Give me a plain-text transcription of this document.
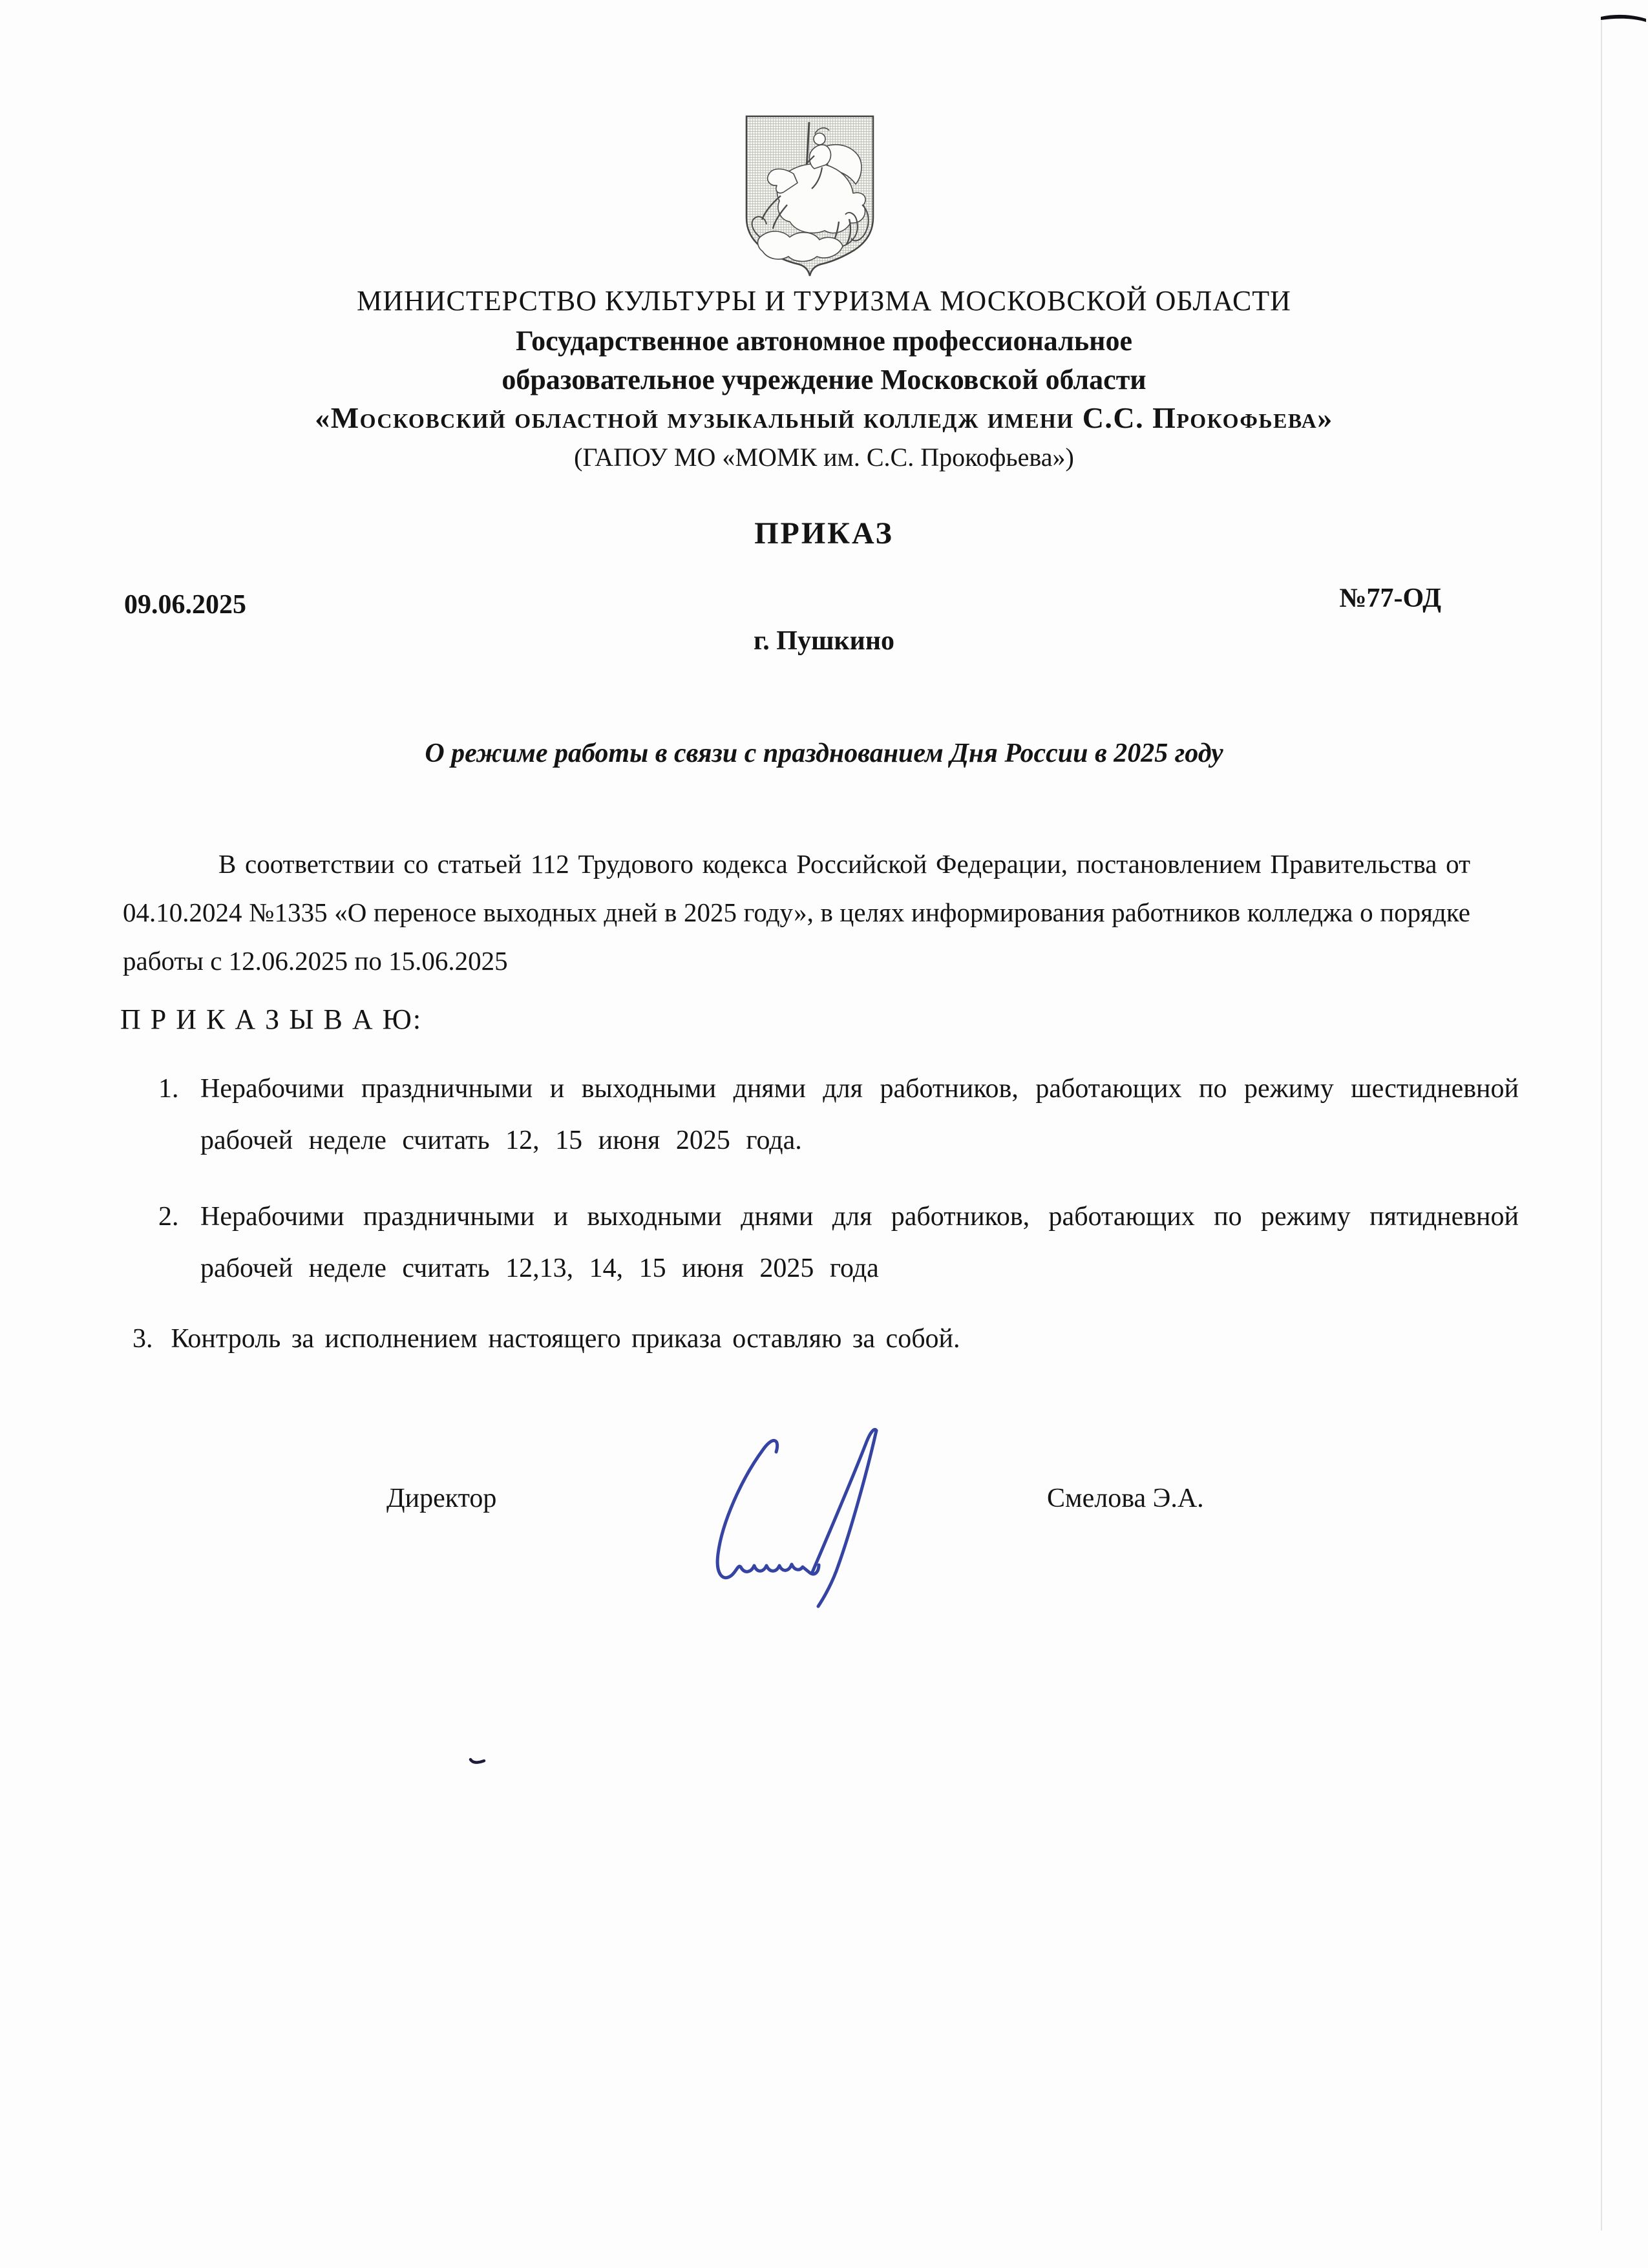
МИНИСТЕРСТВО КУЛЬТУРЫ И ТУРИЗМА МОСКОВСКОЙ ОБЛАСТИ
Государственное автономное профессиональное
образовательное учреждение Московской области
«Московский областной музыкальный колледж имени С.С. Прокофьева»
(ГАПОУ МО «МОМК им. С.С. Прокофьева»)
ПРИКАЗ
09.06.2025	№77-ОД
г. Пушкино
О режиме работы в связи с празднованием Дня России в 2025 году
В соответствии со статьей 112 Трудового кодекса Российской Федерации, постановлением Правительства от 04.10.2024 №1335 «О переносе выходных дней в 2025 году», в целях информирования работников колледжа о порядке работы с 12.06.2025 по 15.06.2025
П Р И К А З Ы В А Ю:
1. Нерабочими праздничными и выходными днями для работников, работающих по режиму шестидневной рабочей неделе считать 12, 15 июня 2025 года.
2. Нерабочими праздничными и выходными днями для работников, работающих по режиму пятидневной рабочей неделе считать 12,13, 14, 15 июня 2025 года
3. Контроль за исполнением настоящего приказа оставляю за собой.
Директор	Смелова Э.А.
